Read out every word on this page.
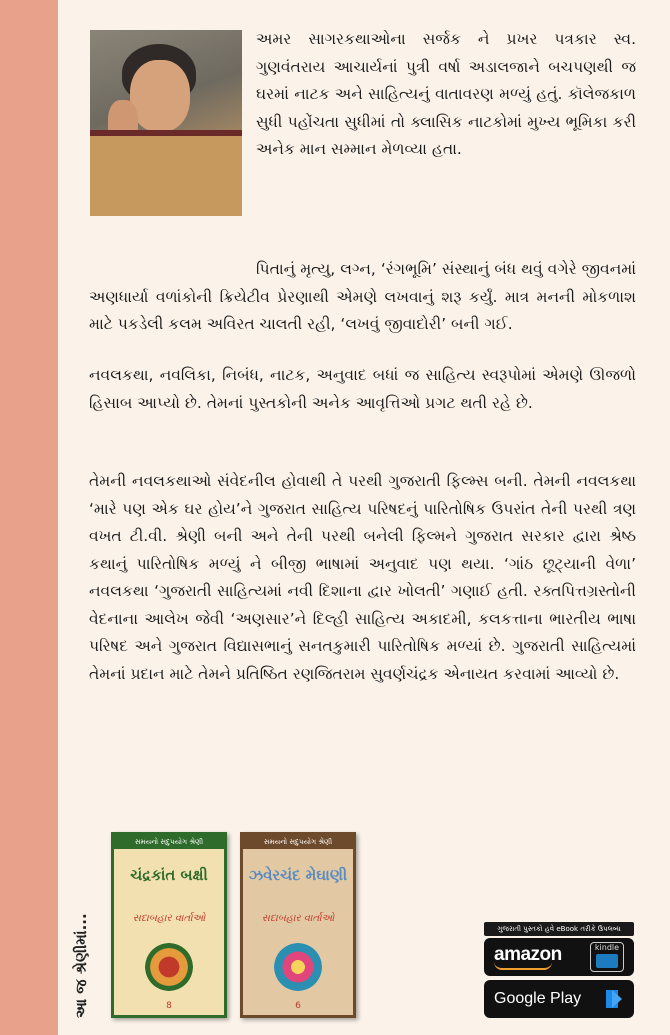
અમર સાગરકથાઓના સર્જક ને પ્રખર પત્રકાર સ્વ. ગુણવંતરાય આચાર્યનાં પુત્રી વર્ષા અડાલજાને બચપણથી જ ઘરમાં નાટક અને સાહિત્યનું વાતાવરણ મળ્યું હતું. કૉલેજકાળ સુધી પહોંચતા સુધીમાં તો ક્લાસિક નાટકોમાં મુખ્ય ભૂમિકા કરી અનેક માન સમ્માન મેળવ્યા હતા.

પિતાનું મૃત્યુ, લગ્ન, ‘રંગભૂમિ’ સંસ્થાનું બંધ થવું વગેરે જીવનમાં અણધાર્યા વળાંકોની ક્રિયેટીવ પ્રેરણાથી એમણે લખવાનું શરૂ કર્યું. માત્ર મનની મોકળાશ માટે પકડેલી કલમ અવિરત ચાલતી રહી, ‘લખવું જીવાદોરી’ બની ગઈ.

નવલકથા, નવલિકા, નિબંધ, નાટક, અનુવાદ બધાં જ સાહિત્ય સ્વરૂપોમાં એમણે ઊજળો હિસાબ આપ્યો છે. તેમનાં પુસ્તકોની અનેક આવૃત્તિઓ પ્રગટ થતી રહે છે.

તેમની નવલકથાઓ સંવેદનીલ હોવાથી તે પરથી ગુજરાતી ફિલ્મ્સ બની. તેમની નવલકથા ‘મારે પણ એક ઘર હોય’ને ગુજરાત સાહિત્ય પરિષદનું પારિતોષિક ઉપરાંત તેની પરથી ત્રણ વખત ટી.વી. શ્રેણી બની અને તેની પરથી બનેલી ફિલ્મને ગુજરાત સરકાર દ્વારા શ્રેષ્ઠ કથાનું પારિતોષિક મળ્યું ને બીજી ભાષામાં અનુવાદ પણ થયા. ‘ગાંઠ છૂટ્યાની વેળા’ નવલકથા ‘ગુજરાતી સાહિત્યમાં નવી દિશાના દ્વાર ખોલતી’ ગણાઈ હતી. રક્તપિત્તગ્રસ્તોની વેદનાના આલેખ જેવી ‘અણસાર’ને દિલ્હી સાહિત્ય અકાદમી, કલકત્તાના ભારતીય ભાષા પરિષદ અને ગુજરાત વિદ્યાસભાનું સનતકુમારી પારિતોષિક મળ્યાં છે. ગુજરાતી સાહિત્યમાં તેમનાં પ્રદાન માટે તેમને પ્રતિષ્ઠિત રણજિતરામ સુવર્ણચંદ્રક એનાયત કરવામાં આવ્યો છે.

આ જ શ્રેણીમાં...
સમયનો સદુપયોગ શ્રેણી
ચંદ્રકાંત બક્ષી
સદાબહાર વાર્તાઓ
8
સમયનો સદુપયોગ શ્રેણી
ઝવેરચંદ મેઘાણી
સદાબહાર વાર્તાઓ
6
ગુજરાતી પુસ્તકો હવે eBook તરીકે ઉપલબ્ધ
amazon	kindle
Google Play
